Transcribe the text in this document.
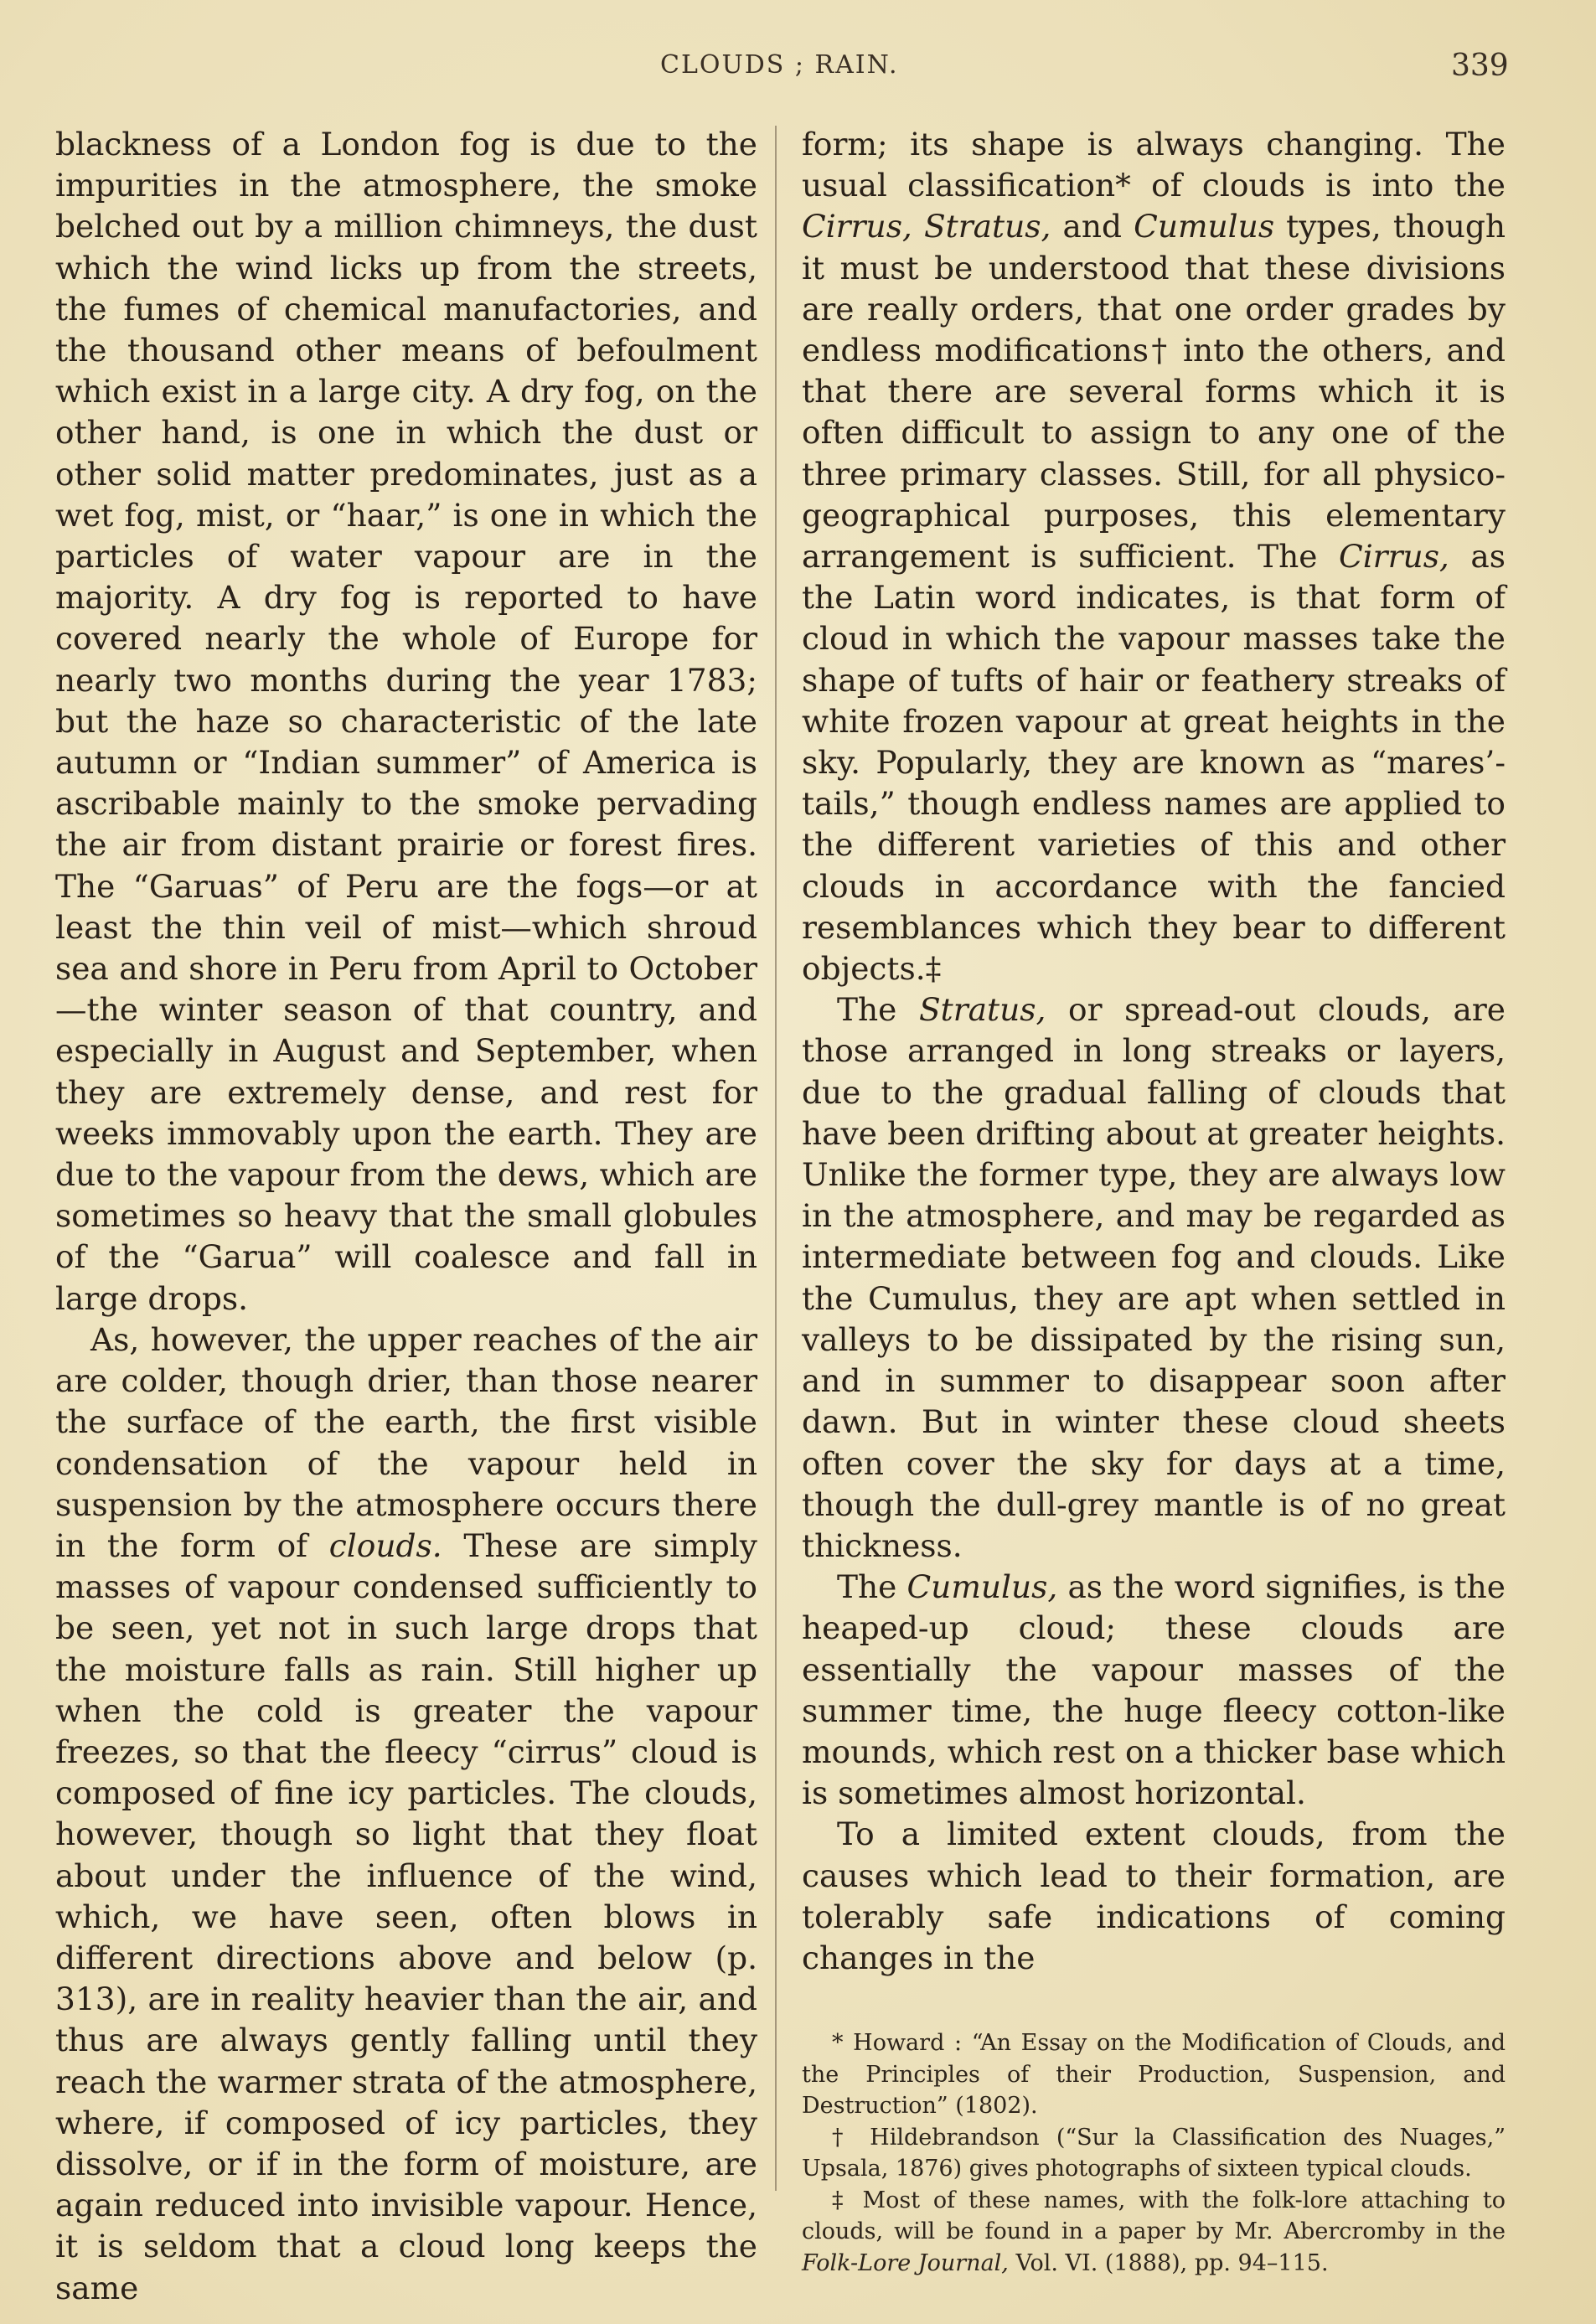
CLOUDS ; RAIN.	339

blackness of a London fog is due to the impurities in the atmosphere, the smoke belched out by a million chimneys, the dust which the wind licks up from the streets, the fumes of chemical manufactories, and the thousand other means of befoulment which exist in a large city. A dry fog, on the other hand, is one in which the dust or other solid matter predominates, just as a wet fog, mist, or “haar,” is one in which the particles of water vapour are in the majority. A dry fog is reported to have covered nearly the whole of Europe for nearly two months during the year 1783; but the haze so characteristic of the late autumn or “Indian summer” of America is ascribable mainly to the smoke pervading the air from distant prairie or forest fires. The “Garuas” of Peru are the fogs—or at least the thin veil of mist—which shroud sea and shore in Peru from April to October—the winter season of that country, and especially in August and September, when they are extremely dense, and rest for weeks immovably upon the earth. They are due to the vapour from the dews, which are sometimes so heavy that the small globules of the “Garua” will coalesce and fall in large drops.

As, however, the upper reaches of the air are colder, though drier, than those nearer the surface of the earth, the first visible condensation of the vapour held in suspension by the atmosphere occurs there in the form of clouds. These are simply masses of vapour condensed sufficiently to be seen, yet not in such large drops that the moisture falls as rain. Still higher up when the cold is greater the vapour freezes, so that the fleecy “cirrus” cloud is composed of fine icy particles. The clouds, however, though so light that they float about under the influence of the wind, which, we have seen, often blows in different directions above and below (p. 313), are in reality heavier than the air, and thus are always gently falling until they reach the warmer strata of the atmosphere, where, if composed of icy particles, they dissolve, or if in the form of moisture, are again reduced into invisible vapour. Hence, it is seldom that a cloud long keeps the same

form; its shape is always changing. The usual classification* of clouds is into the Cirrus, Stratus, and Cumulus types, though it must be understood that these divisions are really orders, that one order grades by endless modifications† into the others, and that there are several forms which it is often difficult to assign to any one of the three primary classes. Still, for all physico-geographical purposes, this elementary arrangement is sufficient. The Cirrus, as the Latin word indicates, is that form of cloud in which the vapour masses take the shape of tufts of hair or feathery streaks of white frozen vapour at great heights in the sky. Popularly, they are known as “mares’-tails,” though endless names are applied to the different varieties of this and other clouds in accordance with the fancied resemblances which they bear to different objects.‡

The Stratus, or spread-out clouds, are those arranged in long streaks or layers, due to the gradual falling of clouds that have been drifting about at greater heights. Unlike the former type, they are always low in the atmosphere, and may be regarded as intermediate between fog and clouds. Like the Cumulus, they are apt when settled in valleys to be dissipated by the rising sun, and in summer to disappear soon after dawn. But in winter these cloud sheets often cover the sky for days at a time, though the dull-grey mantle is of no great thickness.

The Cumulus, as the word signifies, is the heaped-up cloud; these clouds are essentially the vapour masses of the summer time, the huge fleecy cotton-like mounds, which rest on a thicker base which is sometimes almost horizontal.

To a limited extent clouds, from the causes which lead to their formation, are tolerably safe indications of coming changes in the

* Howard : “An Essay on the Modification of Clouds, and the Principles of their Production, Suspension, and Destruction” (1802).

† Hildebrandson (“Sur la Classification des Nuages,” Upsala, 1876) gives photographs of sixteen typical clouds.

‡ Most of these names, with the folk-lore attaching to clouds, will be found in a paper by Mr. Abercromby in the Folk-Lore Journal, Vol. VI. (1888), pp. 94–115.
